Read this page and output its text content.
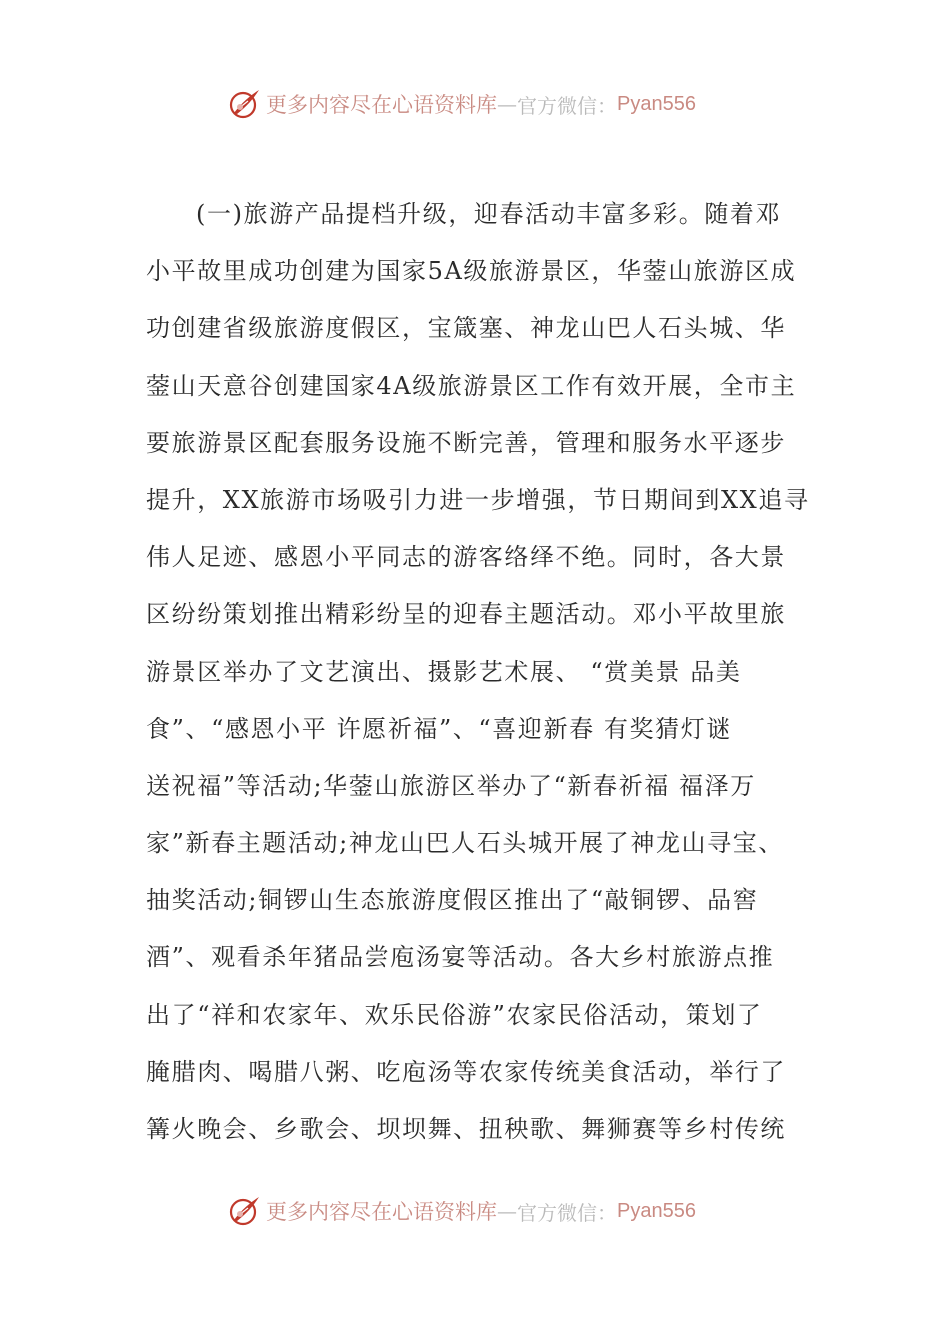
更多内容尽在心语资料库 — 官方微信： Pyan556
(一)旅游产品提档升级，迎春活动丰富多彩。随着邓
小平故里成功创建为国家5A级旅游景区，华蓥山旅游区成
功创建省级旅游度假区，宝箴塞、神龙山巴人石头城、华
蓥山天意谷创建国家4A级旅游景区工作有效开展，全市主
要旅游景区配套服务设施不断完善，管理和服务水平逐步
提升，XX旅游市场吸引力进一步增强，节日期间到XX追寻
伟人足迹、感恩小平同志的游客络绎不绝。同时，各大景
区纷纷策划推出精彩纷呈的迎春主题活动。邓小平故里旅
游景区举办了文艺演出、摄影艺术展、 “赏美景 品美
食”、“感恩小平 许愿祈福”、“喜迎新春 有奖猜灯谜
送祝福”等活动;华蓥山旅游区举办了“新春祈福 福泽万
家”新春主题活动;神龙山巴人石头城开展了神龙山寻宝、
抽奖活动;铜锣山生态旅游度假区推出了“敲铜锣、品窖
酒”、观看杀年猪品尝庖汤宴等活动。各大乡村旅游点推
出了“祥和农家年、欢乐民俗游”农家民俗活动，策划了
腌腊肉、喝腊八粥、吃庖汤等农家传统美食活动，举行了
篝火晚会、乡歌会、坝坝舞、扭秧歌、舞狮赛等乡村传统
更多内容尽在心语资料库 — 官方微信： Pyan556
